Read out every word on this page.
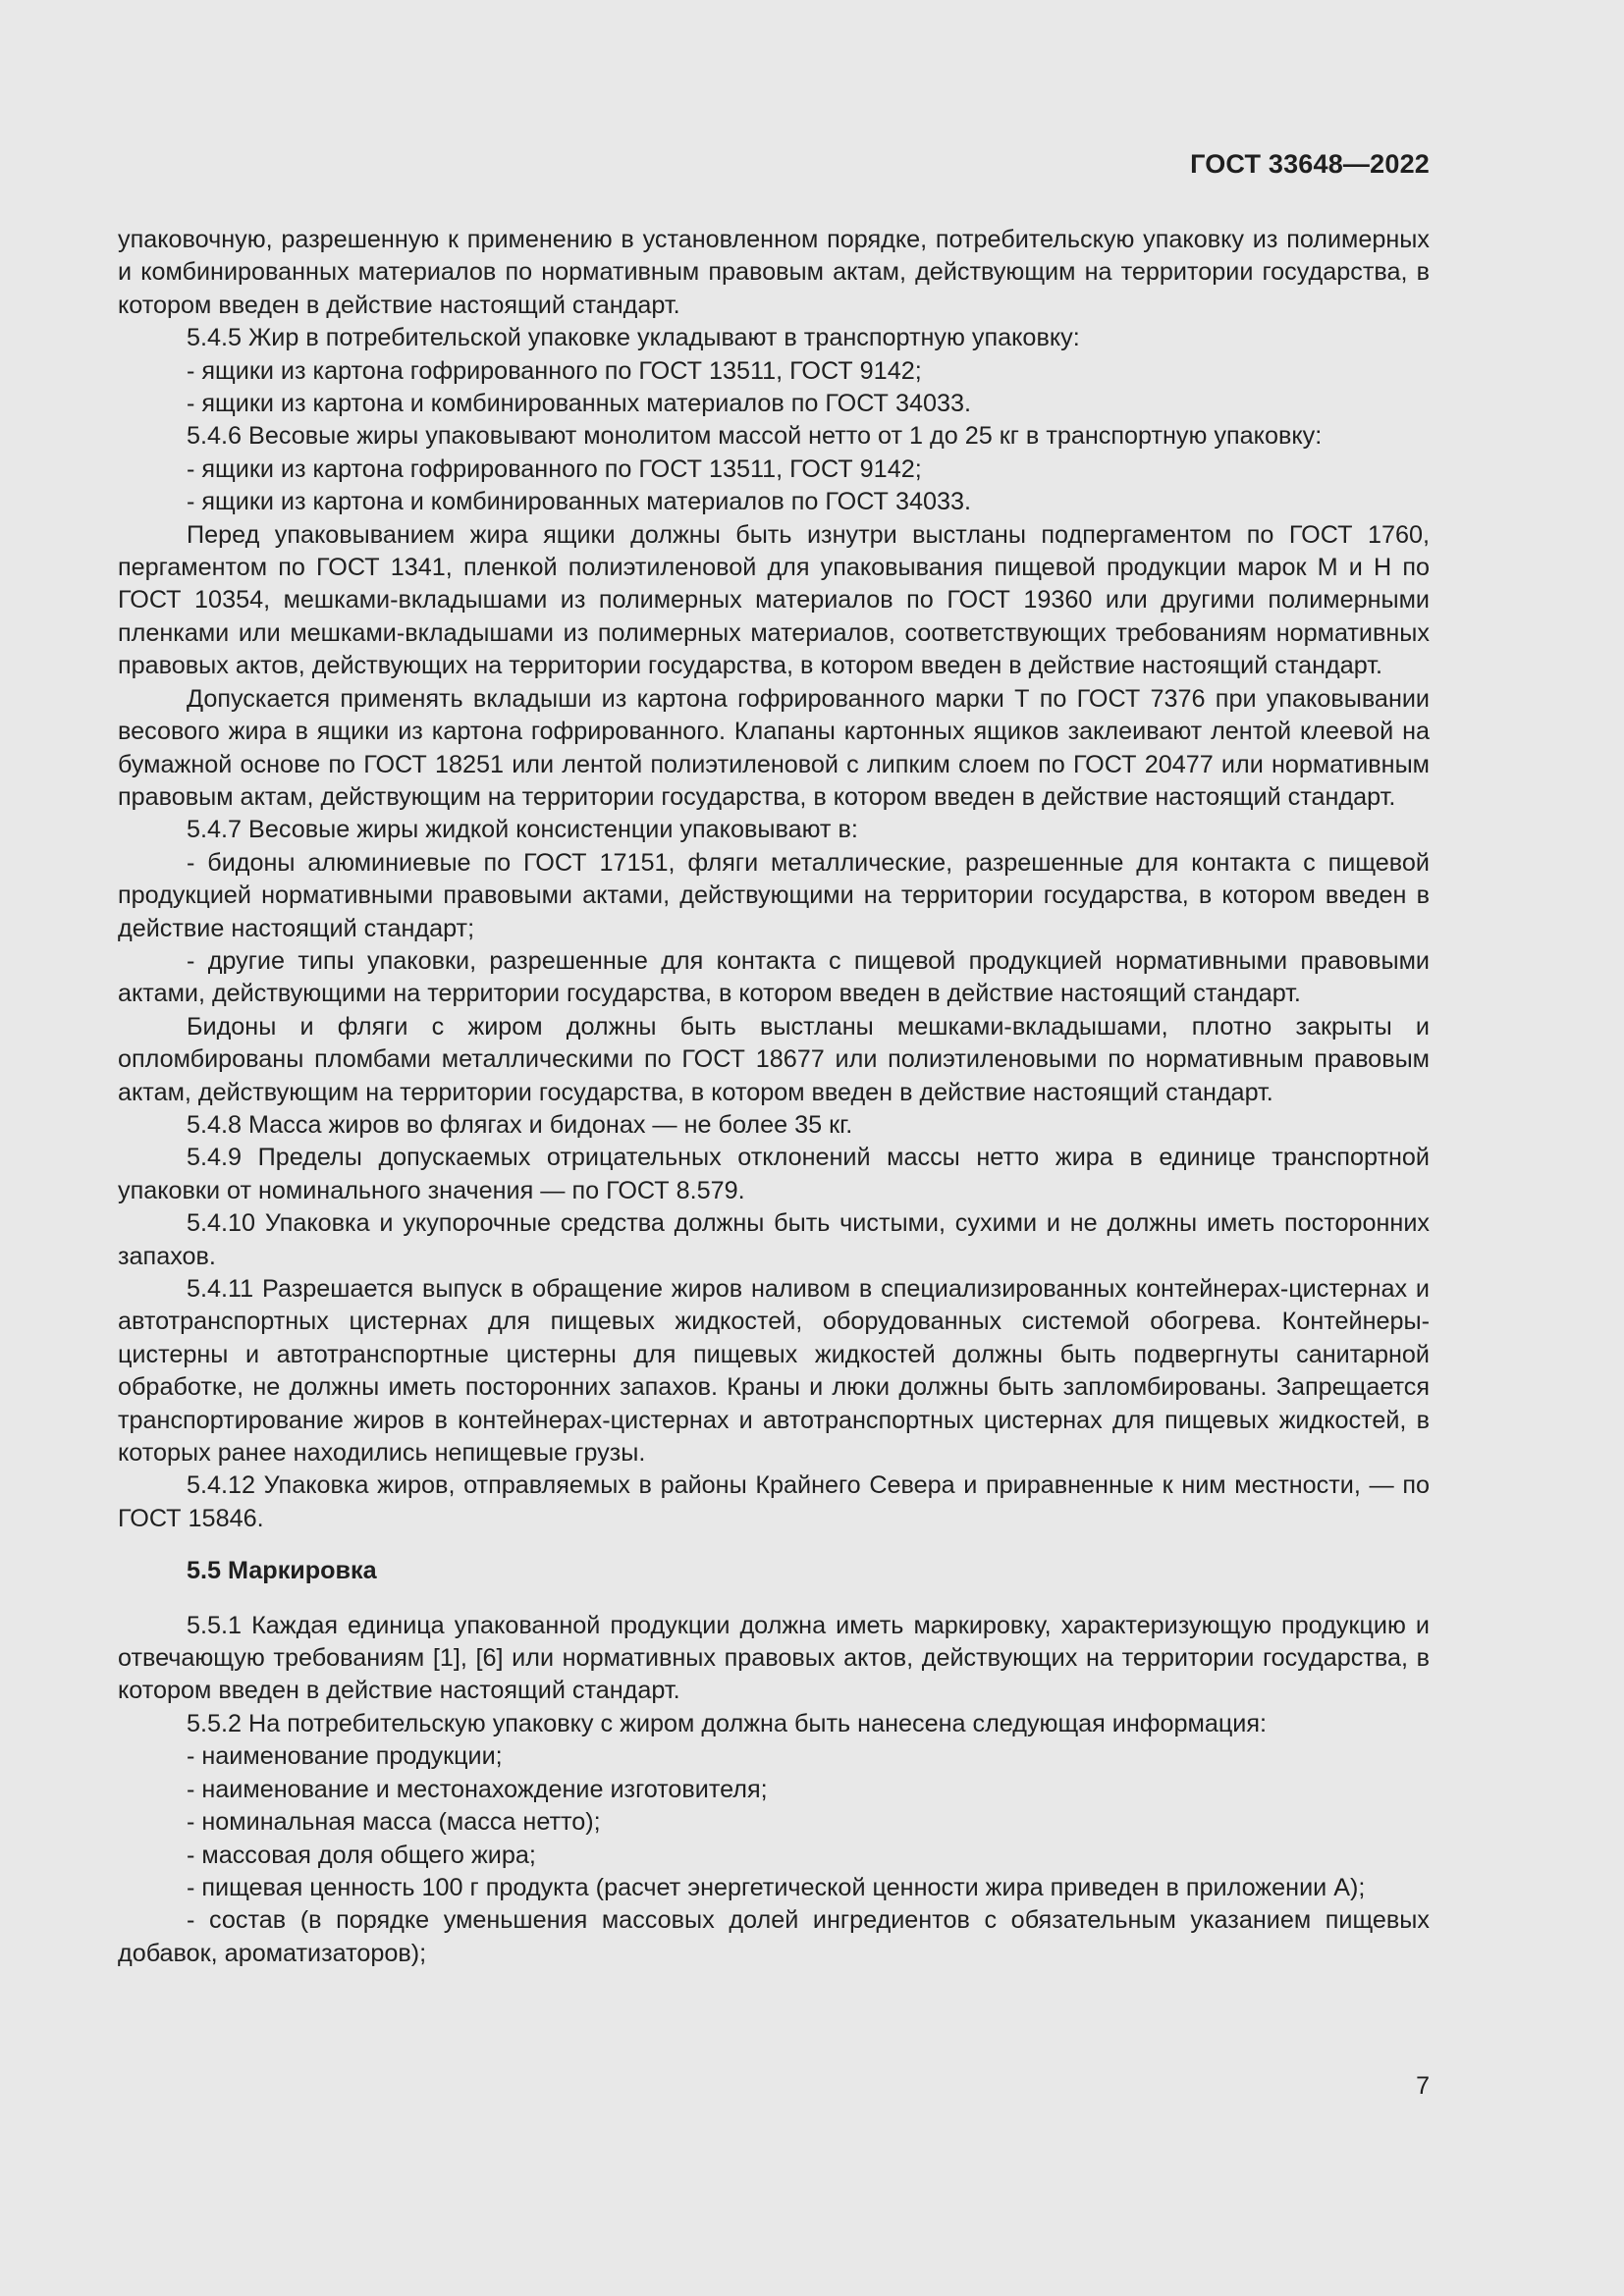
ГОСТ 33648—2022

упаковочную, разрешенную к применению в установленном порядке, потребительскую упаковку из полимерных и комбинированных материалов по нормативным правовым актам, действующим на территории государства, в котором введен в действие настоящий стандарт.

5.4.5 Жир в потребительской упаковке укладывают в транспортную упаковку:

- ящики из картона гофрированного по ГОСТ 13511, ГОСТ 9142;

- ящики из картона и комбинированных материалов по ГОСТ 34033.

5.4.6 Весовые жиры упаковывают монолитом массой нетто от 1 до 25 кг в транспортную упаковку:

- ящики из картона гофрированного по ГОСТ 13511, ГОСТ 9142;

- ящики из картона и комбинированных материалов по ГОСТ 34033.

Перед упаковыванием жира ящики должны быть изнутри выстланы подпергаментом по ГОСТ 1760, пергаментом по ГОСТ 1341, пленкой полиэтиленовой для упаковывания пищевой продукции марок М и Н по ГОСТ 10354, мешками-вкладышами из полимерных материалов по ГОСТ 19360 или другими полимерными пленками или мешками-вкладышами из полимерных материалов, соответствующих требованиям нормативных правовых актов, действующих на территории государства, в котором введен в действие настоящий стандарт.

Допускается применять вкладыши из картона гофрированного марки Т по ГОСТ 7376 при упаковывании весового жира в ящики из картона гофрированного. Клапаны картонных ящиков заклеивают лентой клеевой на бумажной основе по ГОСТ 18251 или лентой полиэтиленовой с липким слоем по ГОСТ 20477 или нормативным правовым актам, действующим на территории государства, в котором введен в действие настоящий стандарт.

5.4.7 Весовые жиры жидкой консистенции упаковывают в:

- бидоны алюминиевые по ГОСТ 17151, фляги металлические, разрешенные для контакта с пищевой продукцией нормативными правовыми актами, действующими на территории государства, в котором введен в действие настоящий стандарт;

- другие типы упаковки, разрешенные для контакта с пищевой продукцией нормативными правовыми актами, действующими на территории государства, в котором введен в действие настоящий стандарт.

Бидоны и фляги с жиром должны быть выстланы мешками-вкладышами, плотно закрыты и опломбированы пломбами металлическими по ГОСТ 18677 или полиэтиленовыми по нормативным правовым актам, действующим на территории государства, в котором введен в действие настоящий стандарт.

5.4.8 Масса жиров во флягах и бидонах — не более 35 кг.

5.4.9 Пределы допускаемых отрицательных отклонений массы нетто жира в единице транспортной упаковки от номинального значения — по ГОСТ 8.579.

5.4.10 Упаковка и укупорочные средства должны быть чистыми, сухими и не должны иметь посторонних запахов.

5.4.11 Разрешается выпуск в обращение жиров наливом в специализированных контейнерах-цистернах и автотранспортных цистернах для пищевых жидкостей, оборудованных системой обогрева. Контейнеры-цистерны и автотранспортные цистерны для пищевых жидкостей должны быть подвергнуты санитарной обработке, не должны иметь посторонних запахов. Краны и люки должны быть запломбированы. Запрещается транспортирование жиров в контейнерах-цистернах и автотранспортных цистернах для пищевых жидкостей, в которых ранее находились непищевые грузы.

5.4.12 Упаковка жиров, отправляемых в районы Крайнего Севера и приравненные к ним местности, — по ГОСТ 15846.

5.5 Маркировка

5.5.1 Каждая единица упакованной продукции должна иметь маркировку, характеризующую продукцию и отвечающую требованиям [1], [6] или нормативных правовых актов, действующих на территории государства, в котором введен в действие настоящий стандарт.

5.5.2 На потребительскую упаковку с жиром должна быть нанесена следующая информация:

- наименование продукции;

- наименование и местонахождение изготовителя;

- номинальная масса (масса нетто);

- массовая доля общего жира;

- пищевая ценность 100 г продукта (расчет энергетической ценности жира приведен в приложении А);

- состав (в порядке уменьшения массовых долей ингредиентов с обязательным указанием пищевых добавок, ароматизаторов);

7
